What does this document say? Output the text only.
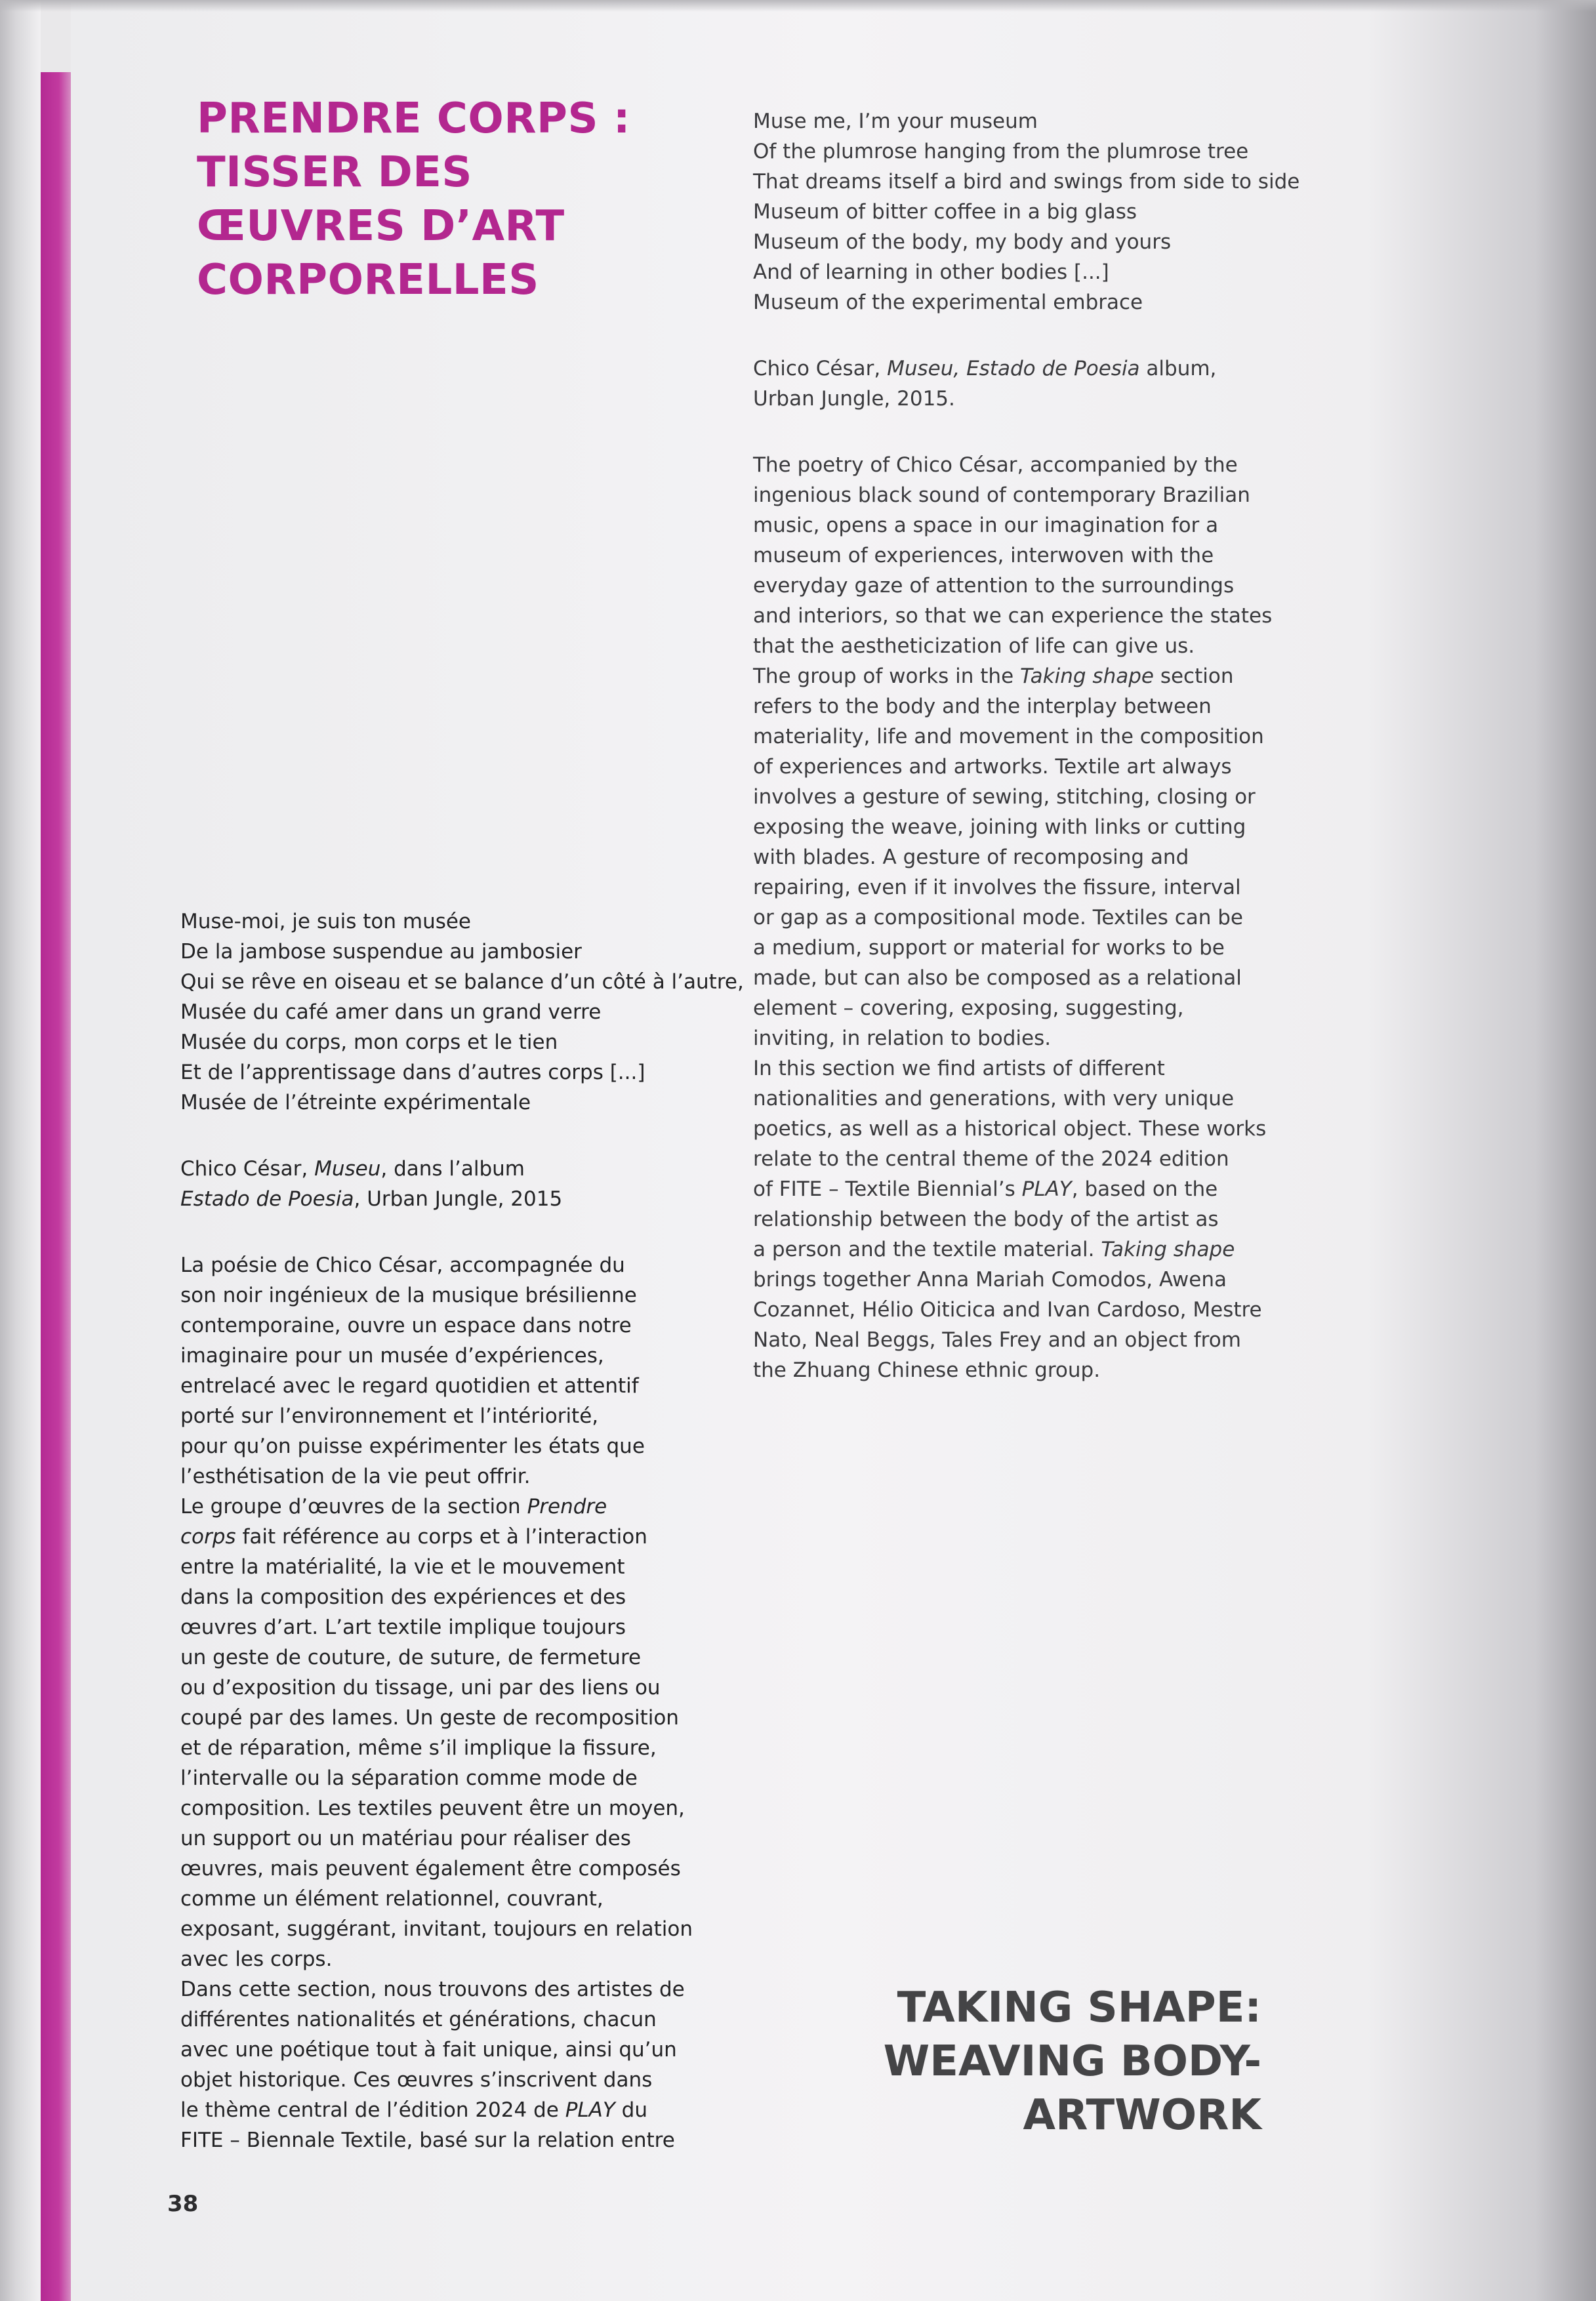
PRENDRE CORPS :
TISSER DES
ŒUVRES D’ART
CORPORELLES
Muse me, I’m your museum
Of the plumrose hanging from the plumrose tree
That dreams itself a bird and swings from side to side
Museum of bitter coffee in a big glass
Museum of the body, my body and yours
And of learning in other bodies [...]
Museum of the experimental embrace
Chico César, Museu, Estado de Poesia album,
Urban Jungle, 2015.
The poetry of Chico César, accompanied by the
ingenious black sound of contemporary Brazilian
music, opens a space in our imagination for a
museum of experiences, interwoven with the
everyday gaze of attention to the surroundings
and interiors, so that we can experience the states
that the aestheticization of life can give us.
The group of works in the Taking shape section
refers to the body and the interplay between
materiality, life and movement in the composition
of experiences and artworks. Textile art always
involves a gesture of sewing, stitching, closing or
exposing the weave, joining with links or cutting
with blades. A gesture of recomposing and
repairing, even if it involves the fissure, interval
or gap as a compositional mode. Textiles can be
a medium, support or material for works to be
made, but can also be composed as a relational
element – covering, exposing, suggesting,
inviting, in relation to bodies.
In this section we find artists of different
nationalities and generations, with very unique
poetics, as well as a historical object. These works
relate to the central theme of the 2024 edition
of FITE – Textile Biennial’s PLAY, based on the
relationship between the body of the artist as
a person and the textile material. Taking shape
brings together Anna Mariah Comodos, Awena
Cozannet, Hélio Oiticica and Ivan Cardoso, Mestre
Nato, Neal Beggs, Tales Frey and an object from
the Zhuang Chinese ethnic group.
Muse-moi, je suis ton musée
De la jambose suspendue au jambosier
Qui se rêve en oiseau et se balance d’un côté à l’autre,
Musée du café amer dans un grand verre
Musée du corps, mon corps et le tien
Et de l’apprentissage dans d’autres corps [...]
Musée de l’étreinte expérimentale
Chico César, Museu, dans l’album
Estado de Poesia, Urban Jungle, 2015
La poésie de Chico César, accompagnée du
son noir ingénieux de la musique brésilienne
contemporaine, ouvre un espace dans notre
imaginaire pour un musée d’expériences,
entrelacé avec le regard quotidien et attentif
porté sur l’environnement et l’intériorité,
pour qu’on puisse expérimenter les états que
l’esthétisation de la vie peut offrir.
Le groupe d’œuvres de la section Prendre
corps fait référence au corps et à l’interaction
entre la matérialité, la vie et le mouvement
dans la composition des expériences et des
œuvres d’art. L’art textile implique toujours
un geste de couture, de suture, de fermeture
ou d’exposition du tissage, uni par des liens ou
coupé par des lames. Un geste de recomposition
et de réparation, même s’il implique la fissure,
l’intervalle ou la séparation comme mode de
composition. Les textiles peuvent être un moyen,
un support ou un matériau pour réaliser des
œuvres, mais peuvent également être composés
comme un élément relationnel, couvrant,
exposant, suggérant, invitant, toujours en relation
avec les corps.
Dans cette section, nous trouvons des artistes de
différentes nationalités et générations, chacun
avec une poétique tout à fait unique, ainsi qu’un
objet historique. Ces œuvres s’inscrivent dans
le thème central de l’édition 2024 de PLAY du
FITE – Biennale Textile, basé sur la relation entre
TAKING SHAPE:
WEAVING BODY-
ARTWORK
38
